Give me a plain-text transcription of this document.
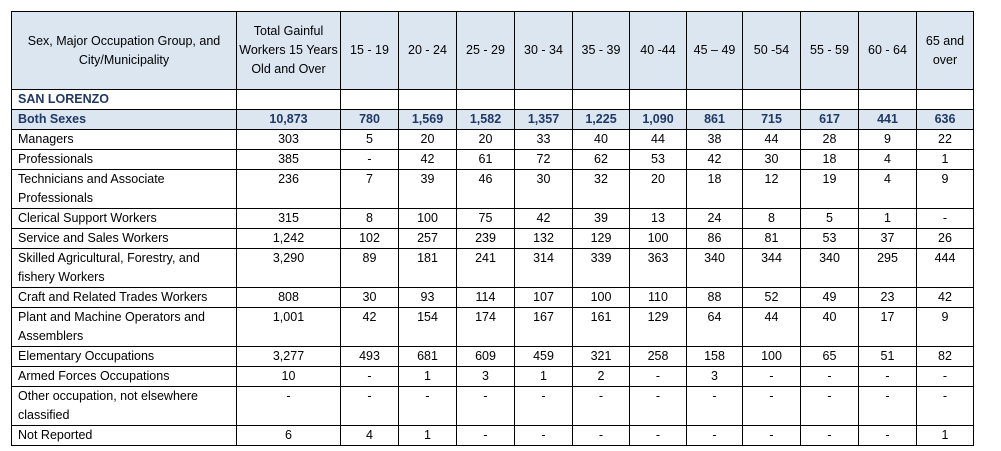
Sex, Major Occupation Group, and City/Municipality	Total Gainful Workers 15 Years Old and Over	15 - 19	20 - 24	25 - 29	30 - 34	35 - 39	40 -44	45 – 49	50 -54	55 - 59	60 - 64	65 and over
SAN LORENZO												
Both Sexes	10,873	780	1,569	1,582	1,357	1,225	1,090	861	715	617	441	636
Managers	303	5	20	20	33	40	44	38	44	28	9	22
Professionals	385	-	42	61	72	62	53	42	30	18	4	1
Technicians and Associate Professionals	236	7	39	46	30	32	20	18	12	19	4	9
Clerical Support Workers	315	8	100	75	42	39	13	24	8	5	1	-
Service and Sales Workers	1,242	102	257	239	132	129	100	86	81	53	37	26
Skilled Agricultural, Forestry, and fishery Workers	3,290	89	181	241	314	339	363	340	344	340	295	444
Craft and Related Trades Workers	808	30	93	114	107	100	110	88	52	49	23	42
Plant and Machine Operators and Assemblers	1,001	42	154	174	167	161	129	64	44	40	17	9
Elementary Occupations	3,277	493	681	609	459	321	258	158	100	65	51	82
Armed Forces Occupations	10	-	1	3	1	2	-	3	-	-	-	-
Other occupation, not elsewhere classified	-	-	-	-	-	-	-	-	-	-	-	-
Not Reported	6	4	1	-	-	-	-	-	-	-	-	1
